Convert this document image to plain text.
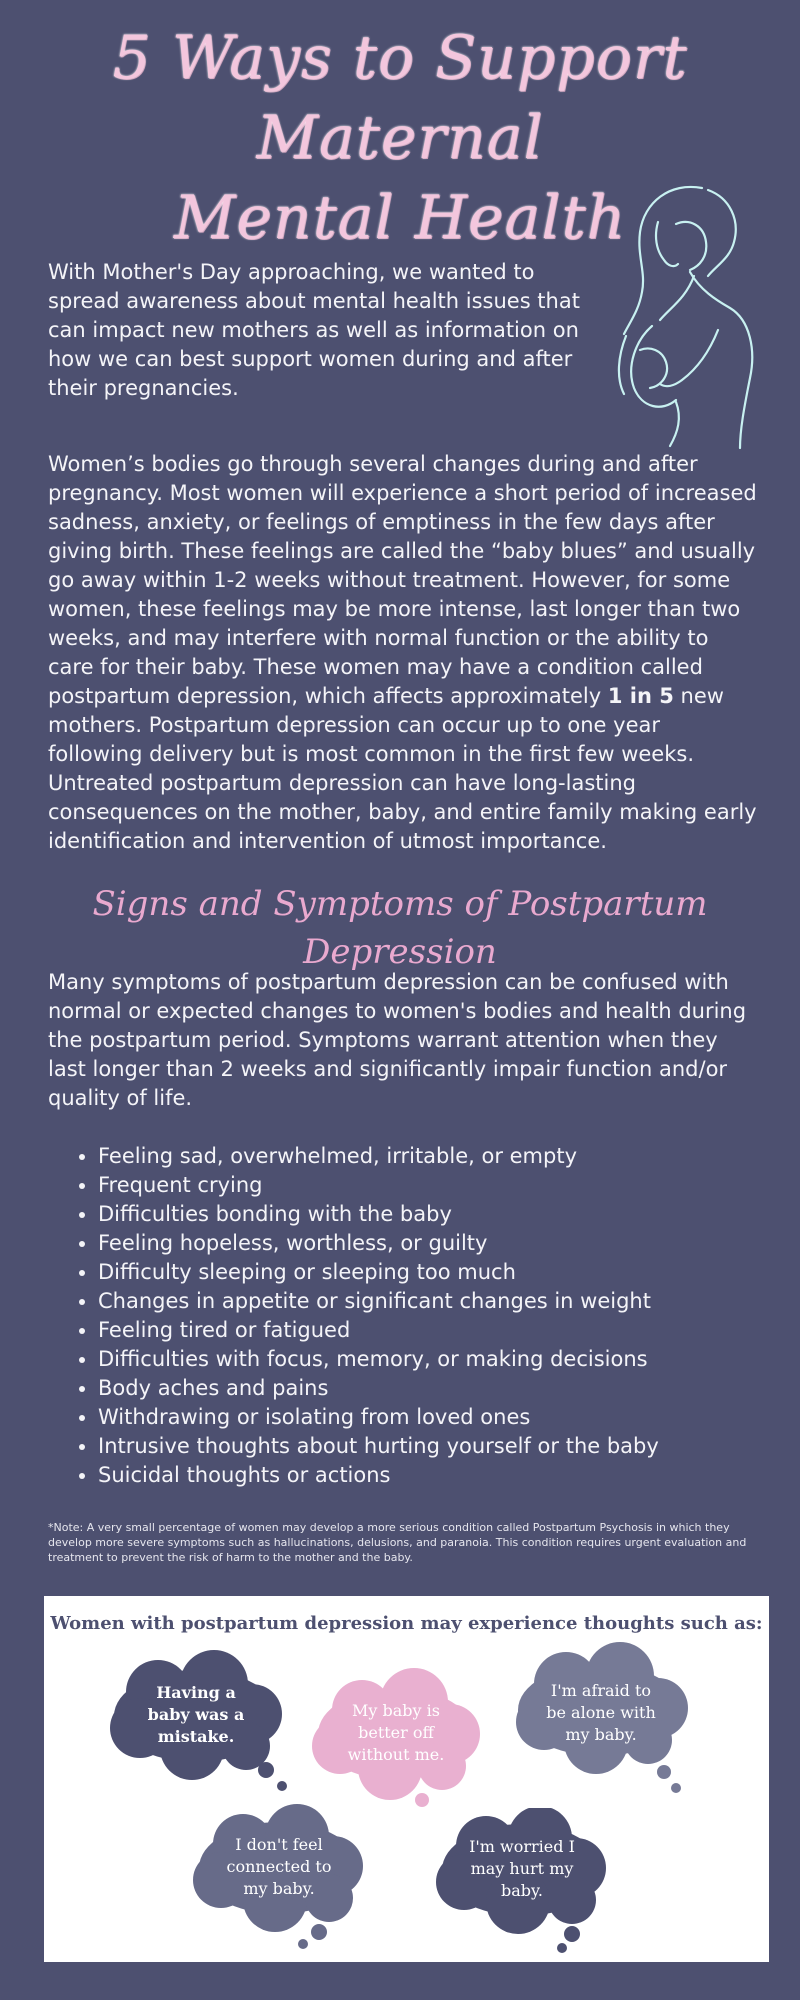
5 Ways to Support Maternal
Mental Health

With Mother's Day approaching, we wanted to spread awareness about mental health issues that can impact new mothers as well as information on how we can best support women during and after their pregnancies.

Women’s bodies go through several changes during and after pregnancy. Most women will experience a short period of increased sadness, anxiety, or feelings of emptiness in the few days after giving birth. These feelings are called the “baby blues” and usually go away within 1-2 weeks without treatment. However, for some women, these feelings may be more intense, last longer than two weeks, and may interfere with normal function or the ability to care for their baby. These women may have a condition called postpartum depression, which affects approximately 1 in 5 new mothers. Postpartum depression can occur up to one year following delivery but is most common in the first few weeks. Untreated postpartum depression can have long-lasting consequences on the mother, baby, and entire family making early identification and intervention of utmost importance.

Signs and Symptoms of Postpartum Depression

Many symptoms of postpartum depression can be confused with normal or expected changes to women's bodies and health during the postpartum period. Symptoms warrant attention when they last longer than 2 weeks and significantly impair function and/or quality of life.

• Feeling sad, overwhelmed, irritable, or empty
• Frequent crying
• Difficulties bonding with the baby
• Feeling hopeless, worthless, or guilty
• Difficulty sleeping or sleeping too much
• Changes in appetite or significant changes in weight
• Feeling tired or fatigued
• Difficulties with focus, memory, or making decisions
• Body aches and pains
• Withdrawing or isolating from loved ones
• Intrusive thoughts about hurting yourself or the baby
• Suicidal thoughts or actions

*Note: A very small percentage of women may develop a more serious condition called Postpartum Psychosis in which they develop more severe symptoms such as hallucinations, delusions, and paranoia. This condition requires urgent evaluation and treatment to prevent the risk of harm to the mother and the baby.

Women with postpartum depression may experience thoughts such as:
Having a baby was a mistake.
My baby is better off without me.
I'm afraid to be alone with my baby.
I don't feel connected to my baby.
I'm worried I may hurt my baby.
